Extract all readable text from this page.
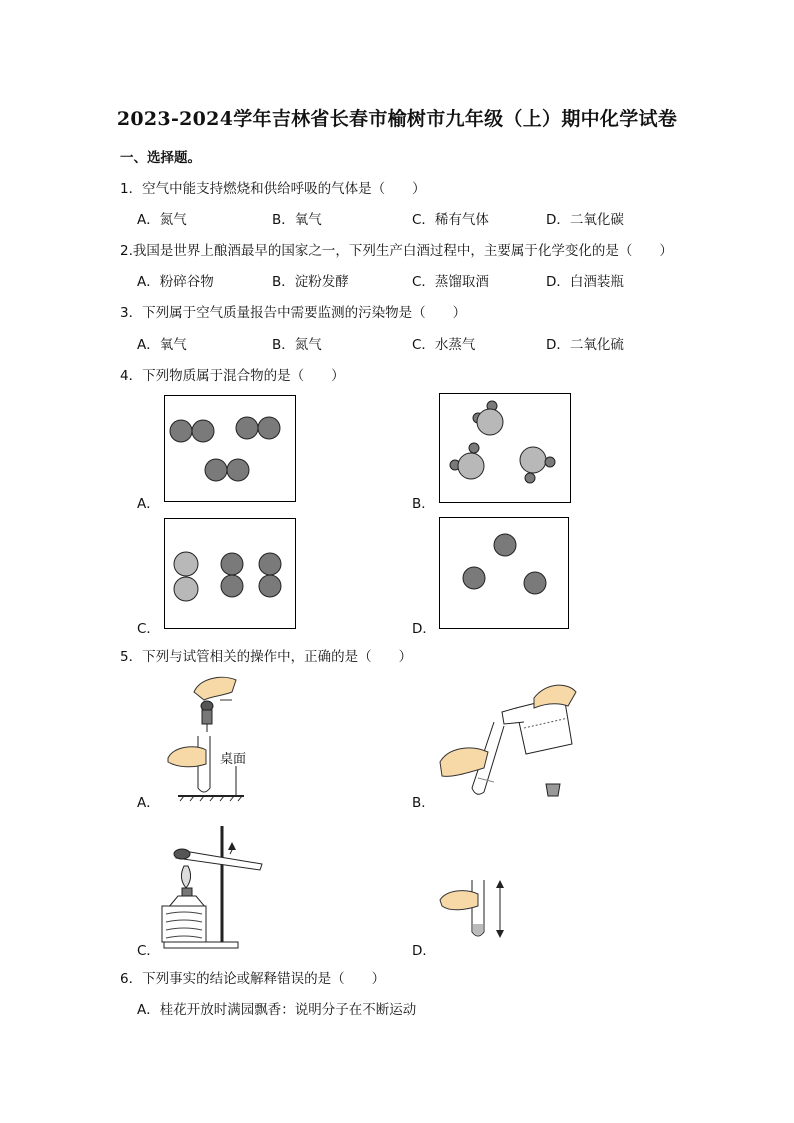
2023-2024学年吉林省长春市榆树市九年级（上）期中化学试卷
一、选择题。
1．空气中能支持燃烧和供给呼吸的气体是（　　）
A．氮气	B．氧气	C．稀有气体	D．二氧化碳
2.我国是世界上酿酒最早的国家之一，下列生产白酒过程中，主要属于化学变化的是（　　）
A．粉碎谷物	B．淀粉发酵	C．蒸馏取酒	D．白酒装瓶
3．下列属于空气质量报告中需要监测的污染物是（　　）
A．氧气	B．氮气	C．水蒸气	D．二氧化硫
4．下列物质属于混合物的是（　　）
A．	B．
C．	D．
5．下列与试管相关的操作中，正确的是（　　）
A．
桌面
B．
C．	D．
6．下列事实的结论或解释错误的是（　　）
A．桂花开放时满园飘香：说明分子在不断运动
